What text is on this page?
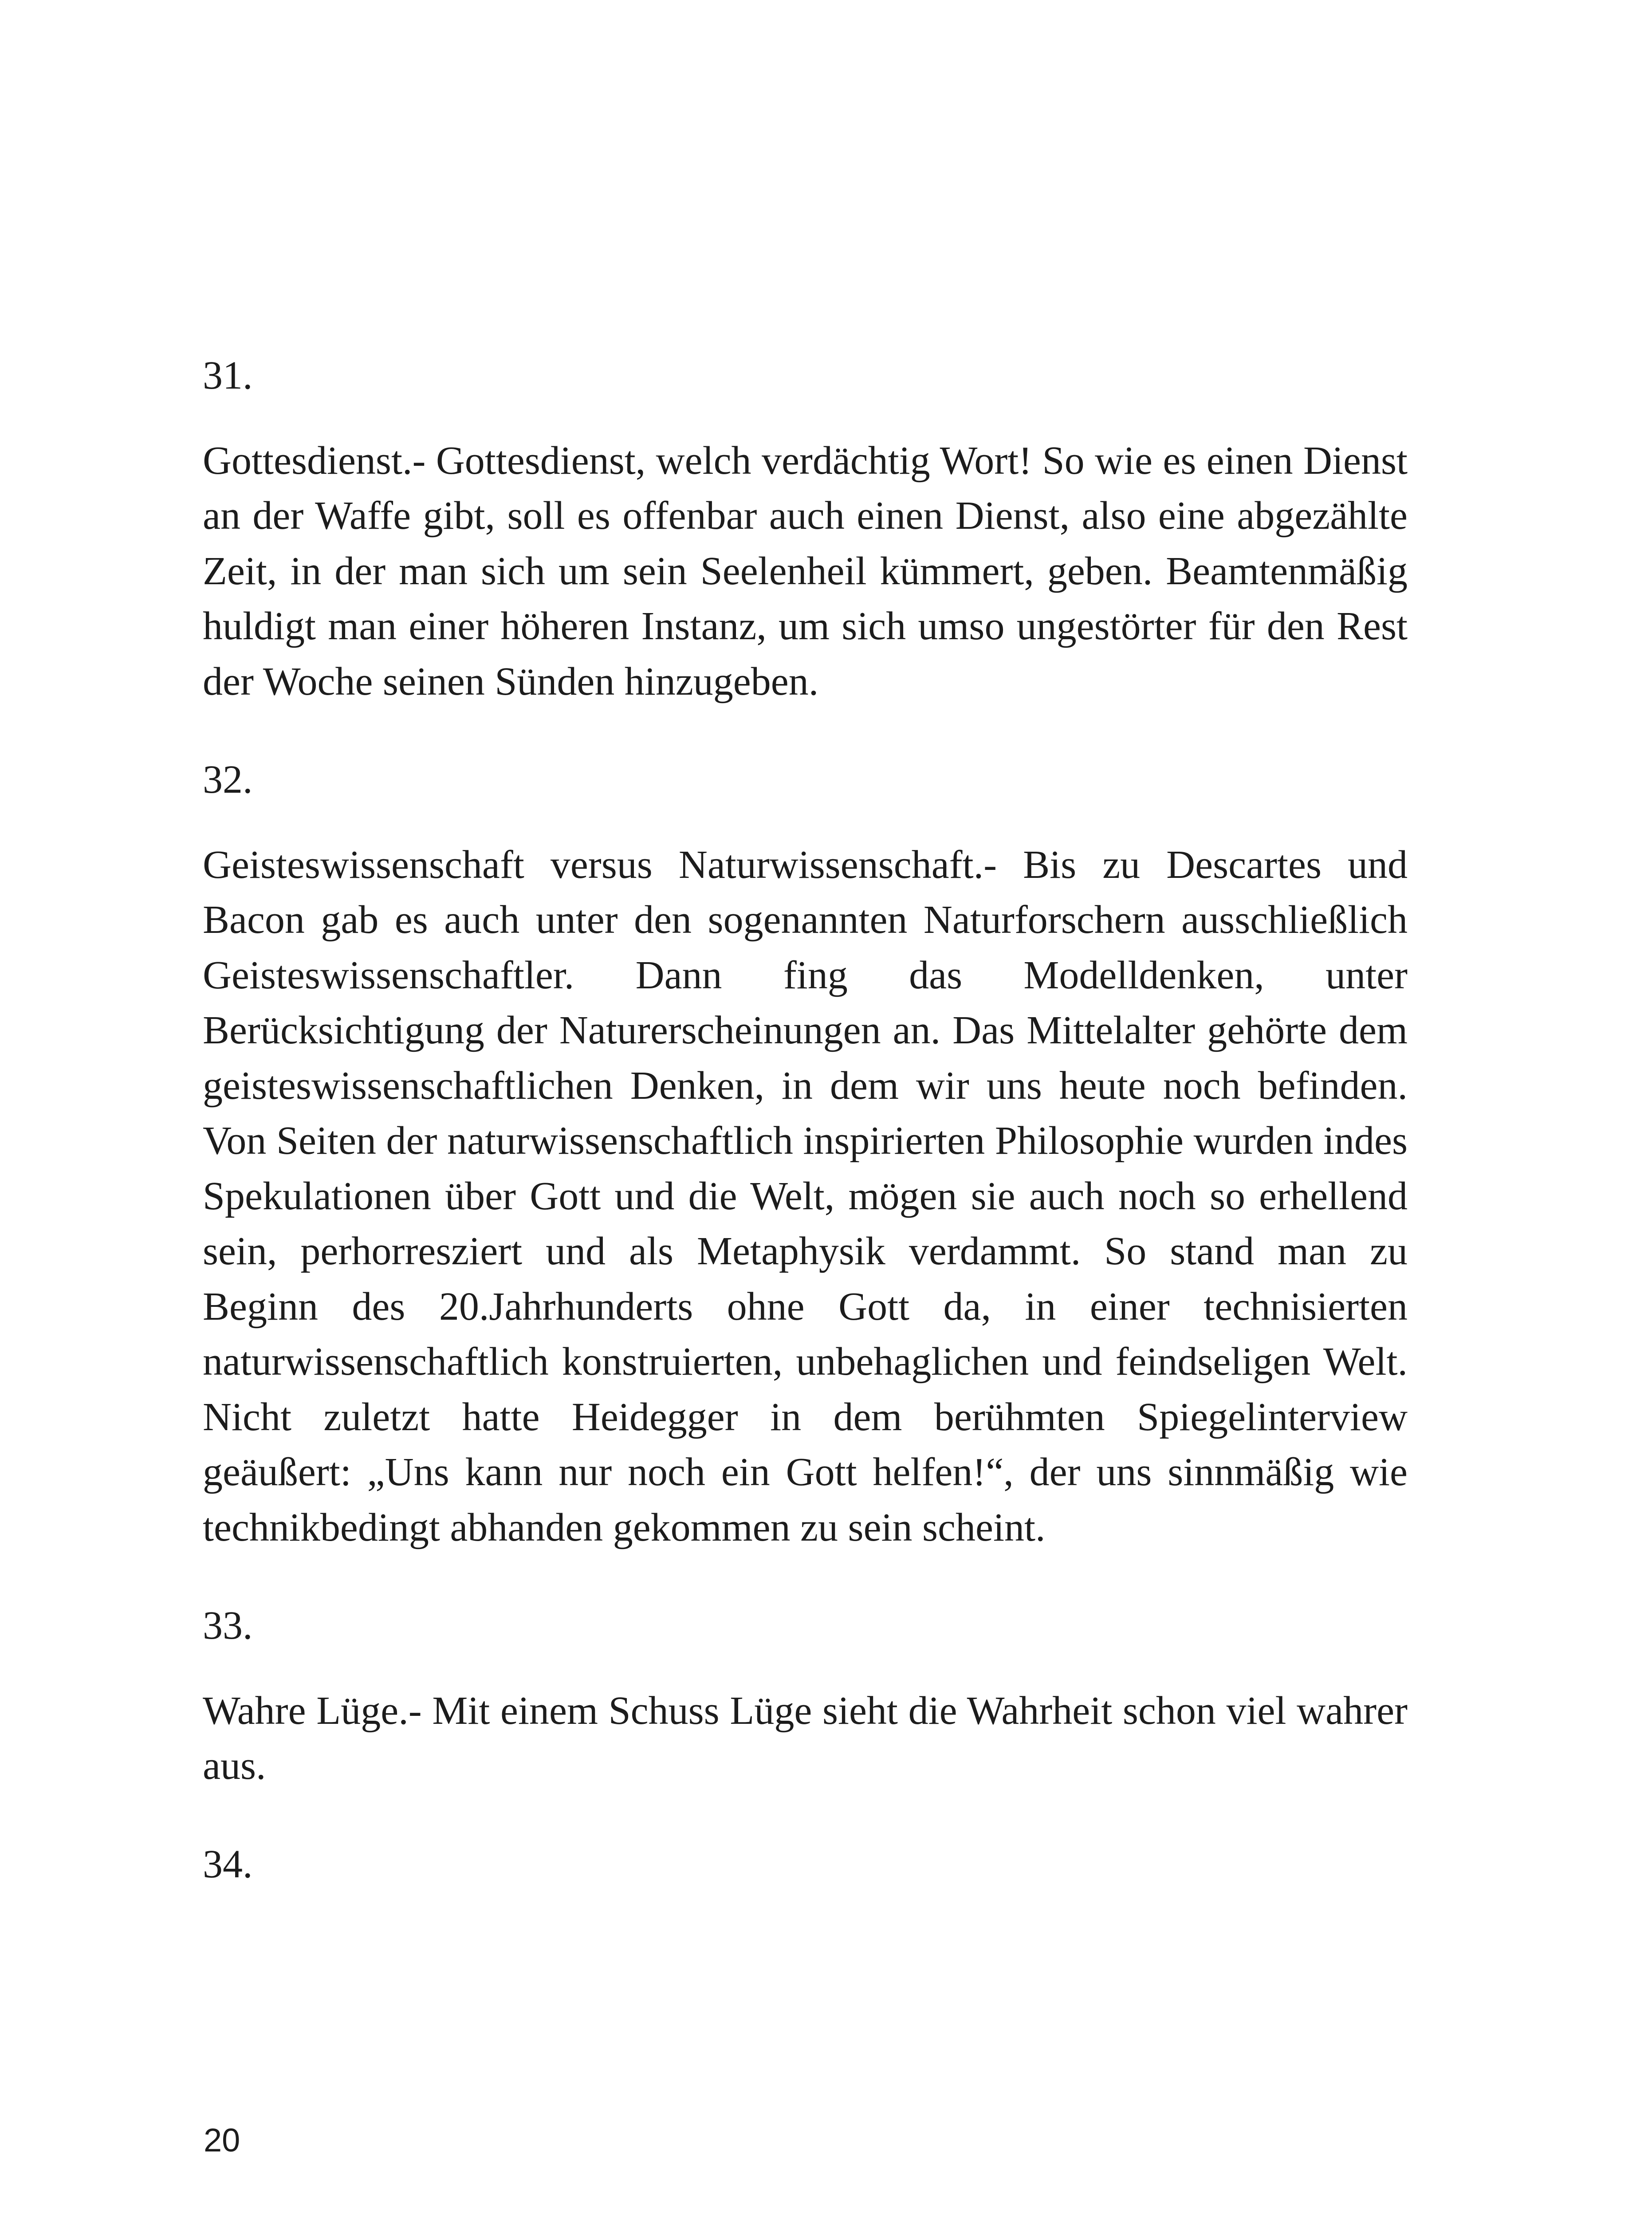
31.

Gottesdienst.- Gottesdienst, welch verdächtig Wort! So wie es einen Dienst an der Waffe gibt, soll es offenbar auch einen Dienst, also eine abgezählte Zeit, in der man sich um sein Seelenheil kümmert, geben. Beamtenmäßig huldigt man einer höheren Instanz, um sich umso ungestörter für den Rest der Woche seinen Sünden hinzugeben.

32.

Geisteswissenschaft versus Naturwissenschaft.- Bis zu Descartes und Bacon gab es auch unter den sogenannten Naturforschern ausschließlich Geisteswissenschaftler. Dann fing das Modelldenken, unter Berücksichtigung der Naturerscheinungen an. Das Mittelalter gehörte dem geisteswissenschaftlichen Denken, in dem wir uns heute noch befinden. Von Seiten der naturwissenschaftlich inspirierten Philosophie wurden indes Spekulationen über Gott und die Welt, mögen sie auch noch so erhellend sein, perhorresziert und als Metaphysik verdammt. So stand man zu Beginn des 20.Jahrhunderts ohne Gott da, in einer technisierten naturwissenschaftlich konstruierten, unbehaglichen und feindseligen Welt. Nicht zuletzt hatte Heidegger in dem berühmten Spiegelinterview geäußert: „Uns kann nur noch ein Gott helfen!“, der uns sinnmäßig wie technikbedingt abhanden gekommen zu sein scheint.

33.

Wahre Lüge.- Mit einem Schuss Lüge sieht die Wahrheit schon viel wahrer aus.

34.

20
